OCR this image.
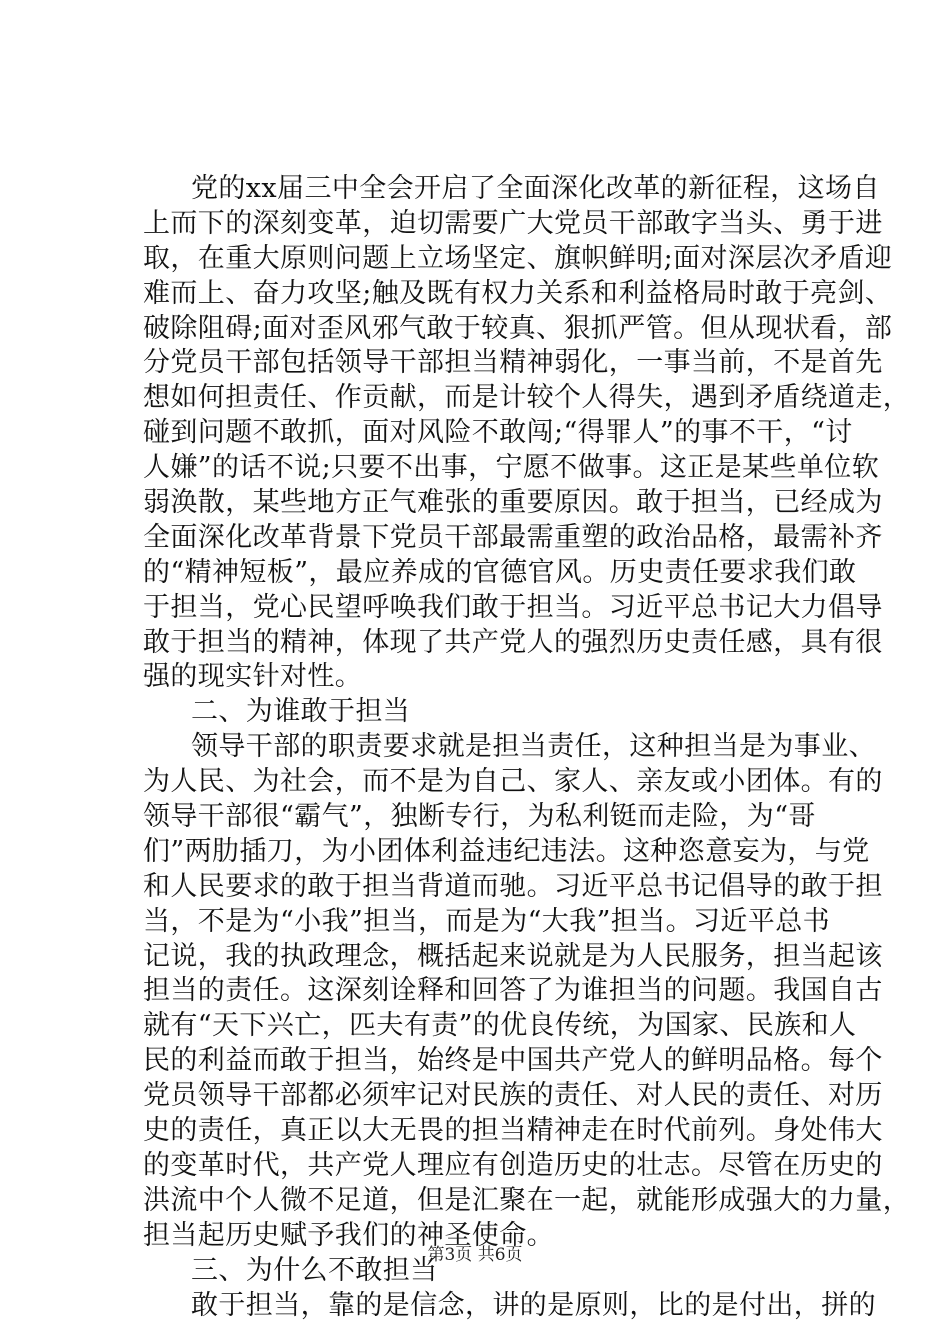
党的xx届三中全会开启了全面深化改革的新征程，这场自
上而下的深刻变革，迫切需要广大党员干部敢字当头、勇于进
取，在重大原则问题上立场坚定、旗帜鲜明;面对深层次矛盾迎
难而上、奋力攻坚;触及既有权力关系和利益格局时敢于亮剑、
破除阻碍;面对歪风邪气敢于较真、狠抓严管。但从现状看，部
分党员干部包括领导干部担当精神弱化，一事当前，不是首先
想如何担责任、作贡献，而是计较个人得失，遇到矛盾绕道走，
碰到问题不敢抓，面对风险不敢闯;“得罪人”的事不干，“讨
人嫌”的话不说;只要不出事，宁愿不做事。这正是某些单位软
弱涣散，某些地方正气难张的重要原因。敢于担当，已经成为
全面深化改革背景下党员干部最需重塑的政治品格，最需补齐
的“精神短板”，最应养成的官德官风。历史责任要求我们敢
于担当，党心民望呼唤我们敢于担当。习近平总书记大力倡导
敢于担当的精神，体现了共产党人的强烈历史责任感，具有很
强的现实针对性。
二、为谁敢于担当
领导干部的职责要求就是担当责任，这种担当是为事业、
为人民、为社会，而不是为自己、家人、亲友或小团体。有的
领导干部很“霸气”，独断专行，为私利铤而走险，为“哥
们”两肋插刀，为小团体利益违纪违法。这种恣意妄为，与党
和人民要求的敢于担当背道而驰。习近平总书记倡导的敢于担
当，不是为“小我”担当，而是为“大我”担当。习近平总书
记说，我的执政理念，概括起来说就是为人民服务，担当起该
担当的责任。这深刻诠释和回答了为谁担当的问题。我国自古
就有“天下兴亡，匹夫有责”的优良传统，为国家、民族和人
民的利益而敢于担当，始终是中国共产党人的鲜明品格。每个
党员领导干部都必须牢记对民族的责任、对人民的责任、对历
史的责任，真正以大无畏的担当精神走在时代前列。身处伟大
的变革时代，共产党人理应有创造历史的壮志。尽管在历史的
洪流中个人微不足道，但是汇聚在一起，就能形成强大的力量，
担当起历史赋予我们的神圣使命。
三、为什么不敢担当
敢于担当，靠的是信念，讲的是原则，比的是付出，拼的
第3页 共6页
